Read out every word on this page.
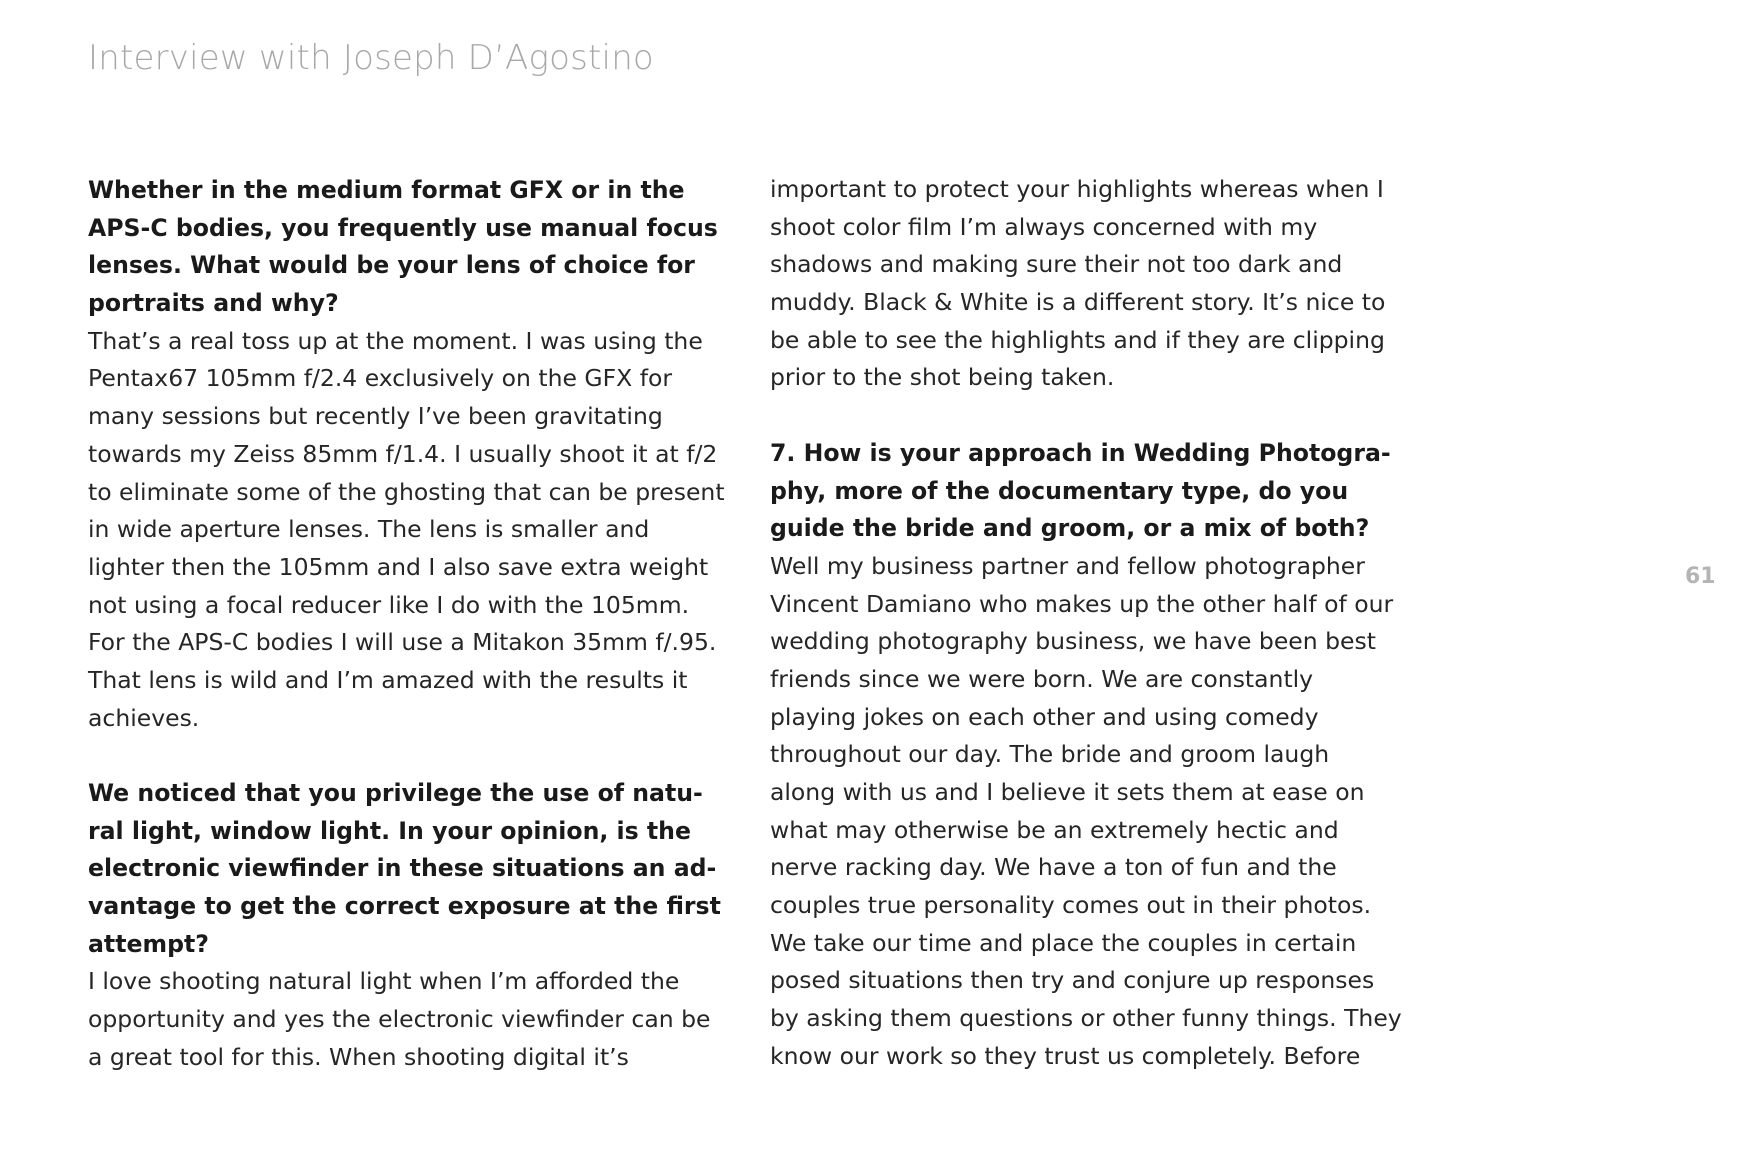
Interview with Joseph D’Agostino
Whether in the medium format GFX or in the
APS-C bodies, you frequently use manual focus
lenses. What would be your lens of choice for
portraits and why?
That’s a real toss up at the moment. I was using the
Pentax67 105mm f/2.4 exclusively on the GFX for
many sessions but recently I’ve been gravitating
towards my Zeiss 85mm f/1.4. I usually shoot it at f/2
to eliminate some of the ghosting that can be present
in wide aperture lenses. The lens is smaller and
lighter then the 105mm and I also save extra weight
not using a focal reducer like I do with the 105mm.
For the APS-C bodies I will use a Mitakon 35mm f/.95.
That lens is wild and I’m amazed with the results it
achieves.
We noticed that you privilege the use of natu-
ral light, window light. In your opinion, is the
electronic viewfinder in these situations an ad-
vantage to get the correct exposure at the first
attempt?
I love shooting natural light when I’m afforded the
opportunity and yes the electronic viewfinder can be
a great tool for this. When shooting digital it’s
important to protect your highlights whereas when I
shoot color film I’m always concerned with my
shadows and making sure their not too dark and
muddy. Black & White is a different story. It’s nice to
be able to see the highlights and if they are clipping
prior to the shot being taken.
7. How is your approach in Wedding Photogra-
phy, more of the documentary type, do you
guide the bride and groom, or a mix of both?
Well my business partner and fellow photographer
Vincent Damiano who makes up the other half of our
wedding photography business, we have been best
friends since we were born. We are constantly
playing jokes on each other and using comedy
throughout our day. The bride and groom laugh
along with us and I believe it sets them at ease on
what may otherwise be an extremely hectic and
nerve racking day. We have a ton of fun and the
couples true personality comes out in their photos.
We take our time and place the couples in certain
posed situations then try and conjure up responses
by asking them questions or other funny things. They
know our work so they trust us completely. Before
61
